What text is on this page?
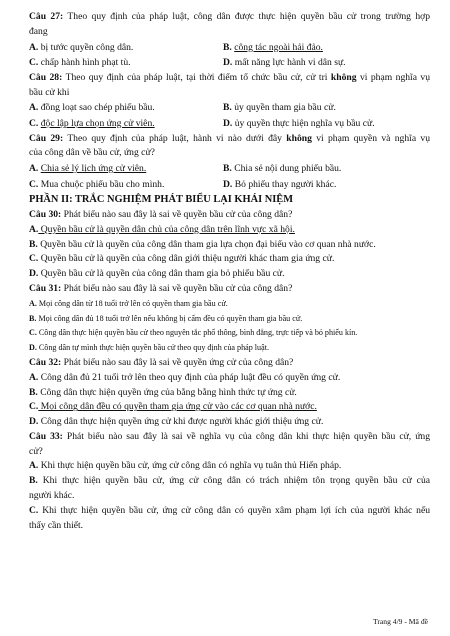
Câu 27: Theo quy định của pháp luật, công dân được thực hiện quyền bầu cử trong trường hợp
đang
A. bị tước quyền công dân.	B. công tác ngoài hải đảo.
C. chấp hành hình phạt tù.	D. mất năng lực hành vi dân sự.
Câu 28: Theo quy định của pháp luật, tại thời điểm tổ chức bầu cử, cử tri không vi phạm nghĩa vụ
bầu cử khi
A. đồng loạt sao chép phiếu bầu.	B. ủy quyền tham gia bầu cử.
C. độc lập lựa chọn ứng cử viên.	D. ủy quyền thực hiện nghĩa vụ bầu cử.
Câu 29: Theo quy định của pháp luật, hành vi nào dưới đây không vi phạm quyền và nghĩa vụ
của công dân về bầu cử, ứng cử?
A. Chia sẻ lý lịch ứng cử viên.	B. Chia sẻ nội dung phiếu bầu.
C. Mua chuộc phiếu bầu cho mình.	D. Bỏ phiếu thay người khác.
PHẦN II: TRẮC NGHIỆM PHÁT BIỂU LẠI KHÁI NIỆM
Câu 30: Phát biểu nào sau đây là sai về quyền bầu cử của công dân?
A. Quyền bầu cử là quyền dân chủ của công dân trên lĩnh vực xã hội.
B. Quyền bầu cử là quyền của công dân tham gia lựa chọn đại biểu vào cơ quan nhà nước.
C. Quyền bầu cử là quyền của công dân giới thiệu người khác tham gia ứng cử.
D. Quyền bầu cử là quyền của công dân tham gia bỏ phiếu bầu cử.
Câu 31: Phát biểu nào sau đây là sai về quyền bầu cử của công dân?
A. Mọi công dân từ 18 tuổi trở lên có quyền tham gia bầu cử.
B. Mọi công dân đủ 18 tuổi trở lên nếu không bị cấm đều có quyền tham gia bầu cử.
C. Công dân thực hiện quyền bầu cử theo nguyên tắc phổ thông, bình đẳng, trực tiếp và bỏ phiếu kín.
D. Công dân tự mình thực hiện quyền bầu cử theo quy định của pháp luật.
Câu 32: Phát biểu nào sau đây là sai về quyền ứng cử của công dân?
A. Công dân đủ 21 tuổi trở lên theo quy định của pháp luật đều có quyền ứng cử.
B. Công dân thực hiện quyền ứng của bằng bằng hình thức tự ứng cử.
C. Mọi công dân đều có quyền tham gia ứng cử vào các cơ quan nhà nước.
D. Công dân thực hiện quyền ứng cử khi được người khác giới thiệu ứng cử.
Câu 33: Phát biểu nào sau đây là sai về nghĩa vụ của công dân khi thực hiện quyền bầu cử, ứng
cử?
A. Khi thực hiện quyền bầu cử, ứng cử công dân có nghĩa vụ tuân thủ Hiến pháp.
B. Khi thực hiện quyền bầu cử, ứng cử công dân có trách nhiệm tôn trọng quyền bầu cử của
người khác.
C. Khi thực hiện quyền bầu cử, ứng cử công dân có quyền xâm phạm lợi ích của người khác nếu
thấy cần thiết.
Trang 4/9 - Mã đề
